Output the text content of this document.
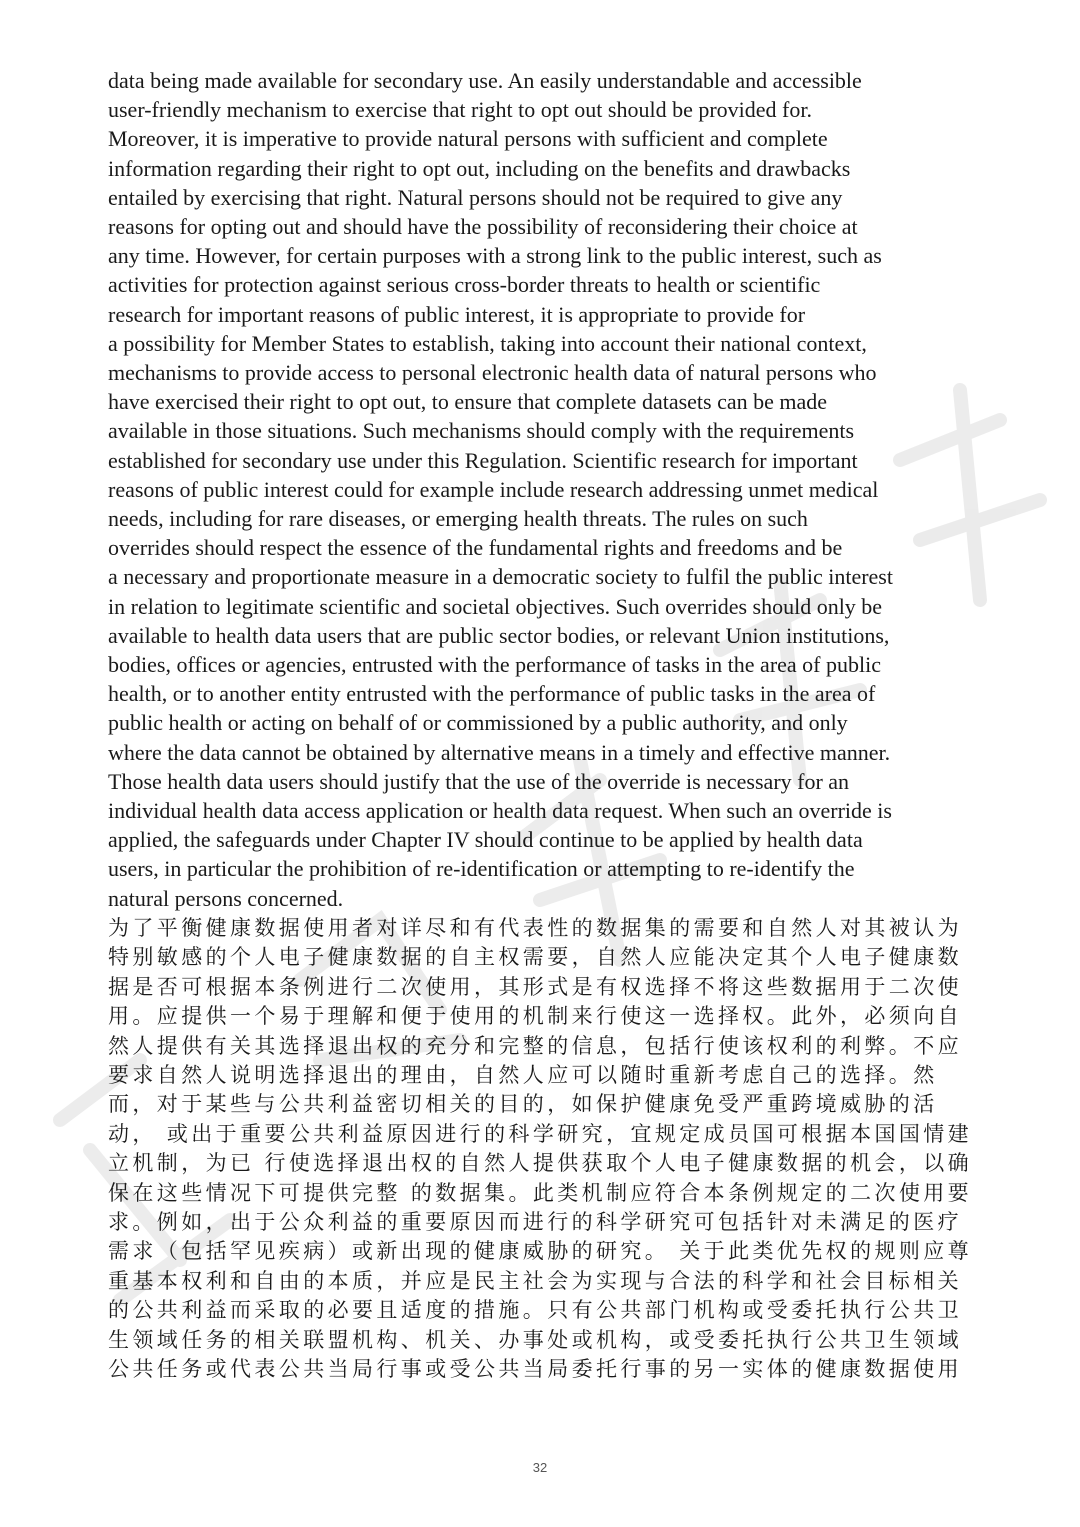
data being made available for secondary use. An easily understandable and accessible
user-friendly mechanism to exercise that right to opt out should be provided for.
Moreover, it is imperative to provide natural persons with sufficient and complete
information regarding their right to opt out, including on the benefits and drawbacks
entailed by exercising that right. Natural persons should not be required to give any
reasons for opting out and should have the possibility of reconsidering their choice at
any time. However, for certain purposes with a strong link to the public interest, such as
activities for protection against serious cross-border threats to health or scientific
research for important reasons of public interest, it is appropriate to provide for
a possibility for Member States to establish, taking into account their national context,
mechanisms to provide access to personal electronic health data of natural persons who
have exercised their right to opt out, to ensure that complete datasets can be made
available in those situations. Such mechanisms should comply with the requirements
established for secondary use under this Regulation. Scientific research for important
reasons of public interest could for example include research addressing unmet medical
needs, including for rare diseases, or emerging health threats. The rules on such
overrides should respect the essence of the fundamental rights and freedoms and be
a necessary and proportionate measure in a democratic society to fulfil the public interest
in relation to legitimate scientific and societal objectives. Such overrides should only be
available to health data users that are public sector bodies, or relevant Union institutions,
bodies, offices or agencies, entrusted with the performance of tasks in the area of public
health, or to another entity entrusted with the performance of public tasks in the area of
public health or acting on behalf of or commissioned by a public authority, and only
where the data cannot be obtained by alternative means in a timely and effective manner.
Those health data users should justify that the use of the override is necessary for an
individual health data access application or health data request. When such an override is
applied, the safeguards under Chapter IV should continue to be applied by health data
users, in particular the prohibition of re-identification or attempting to re-identify the
natural persons concerned.
为了平衡健康数据使用者对详尽和有代表性的数据集的需要和自然人对其被认为
特别敏感的个人电子健康数据的自主权需要，自然人应能决定其个人电子健康数
据是否可根据本条例进行二次使用，其形式是有权选择不将这些数据用于二次使
用。应提供一个易于理解和便于使用的机制来行使这一选择权。此外，必须向自
然人提供有关其选择退出权的充分和完整的信息，包括行使该权利的利弊。不应
要求自然人说明选择退出的理由，自然人应可以随时重新考虑自己的选择。然
而，对于某些与公共利益密切相关的目的，如保护健康免受严重跨境威胁的活
动， 或出于重要公共利益原因进行的科学研究，宜规定成员国可根据本国国情建
立机制，为已 行使选择退出权的自然人提供获取个人电子健康数据的机会，以确
保在这些情况下可提供完整 的数据集。此类机制应符合本条例规定的二次使用要
求。例如，出于公众利益的重要原因而进行的科学研究可包括针对未满足的医疗
需求（包括罕见疾病）或新出现的健康威胁的研究。 关于此类优先权的规则应尊
重基本权利和自由的本质，并应是民主社会为实现与合法的科学和社会目标相关
的公共利益而采取的必要且适度的措施。只有公共部门机构或受委托执行公共卫
生领域任务的相关联盟机构、机关、办事处或机构，或受委托执行公共卫生领域
公共任务或代表公共当局行事或受公共当局委托行事的另一实体的健康数据使用
32
